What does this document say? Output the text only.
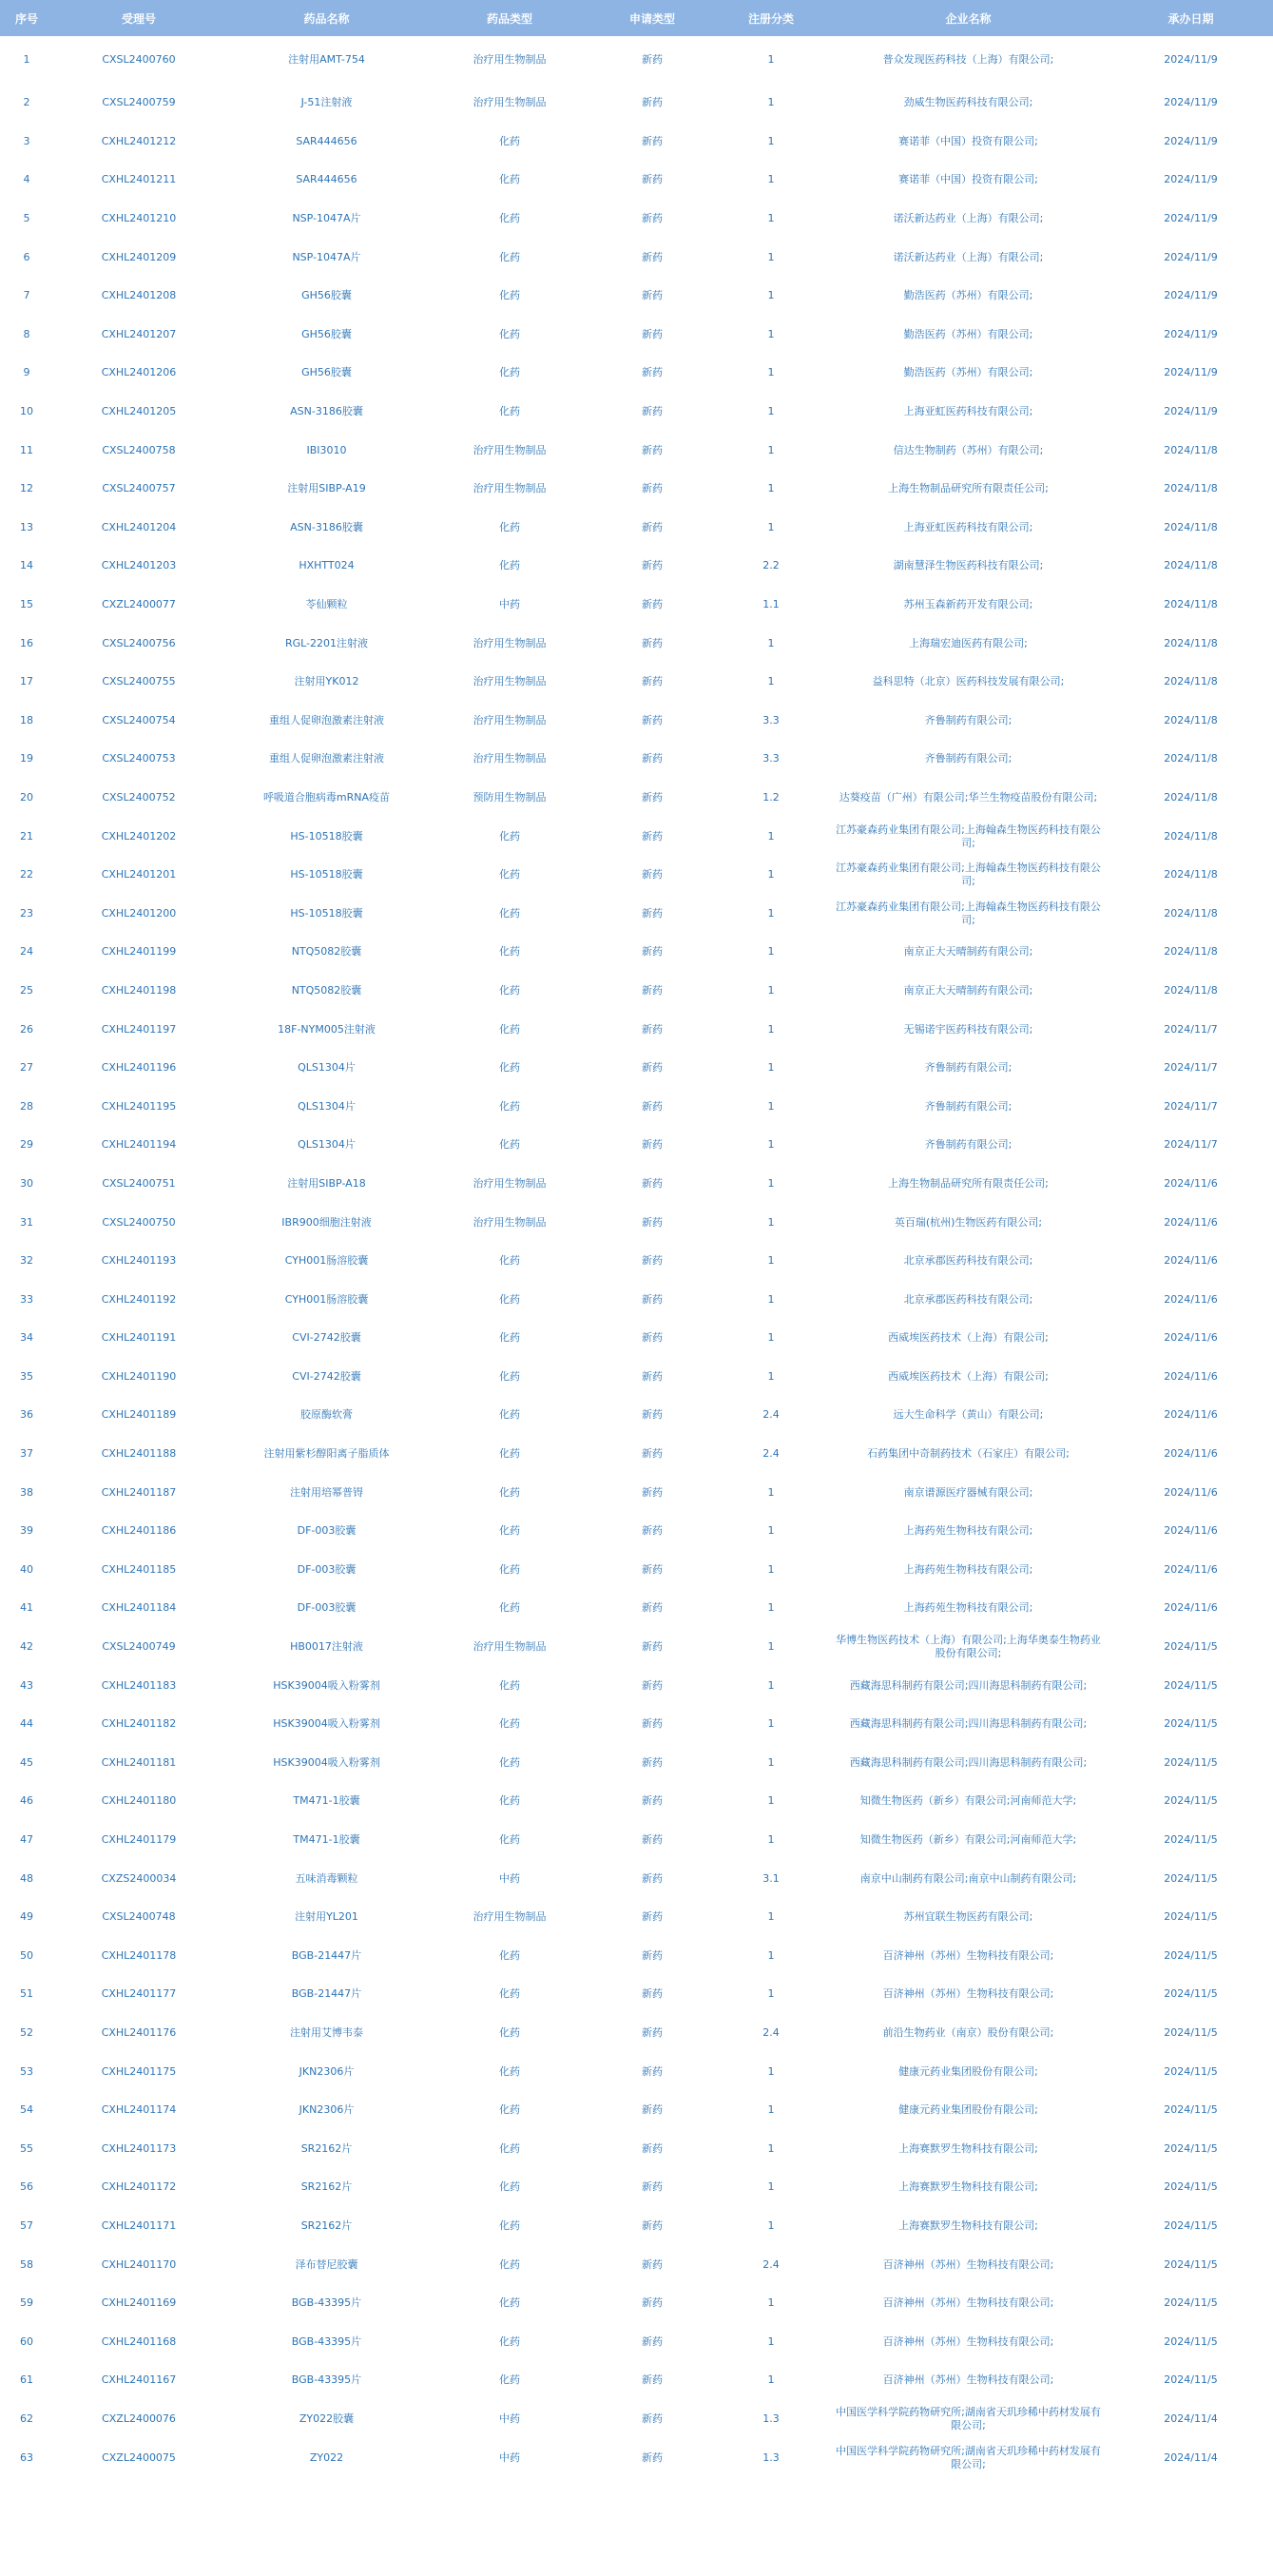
序号	受理号	药品名称	药品类型	申请类型	注册分类	企业名称	承办日期
1	CXSL2400760	注射用AMT-754	治疗用生物制品	新药	1	普众发现医药科技（上海）有限公司;	2024/11/9
2	CXSL2400759	J-51注射液	治疗用生物制品	新药	1	劲威生物医药科技有限公司;	2024/11/9
3	CXHL2401212	SAR444656	化药	新药	1	赛诺菲（中国）投资有限公司;	2024/11/9
4	CXHL2401211	SAR444656	化药	新药	1	赛诺菲（中国）投资有限公司;	2024/11/9
5	CXHL2401210	NSP-1047A片	化药	新药	1	诺沃新达药业（上海）有限公司;	2024/11/9
6	CXHL2401209	NSP-1047A片	化药	新药	1	诺沃新达药业（上海）有限公司;	2024/11/9
7	CXHL2401208	GH56胶囊	化药	新药	1	勤浩医药（苏州）有限公司;	2024/11/9
8	CXHL2401207	GH56胶囊	化药	新药	1	勤浩医药（苏州）有限公司;	2024/11/9
9	CXHL2401206	GH56胶囊	化药	新药	1	勤浩医药（苏州）有限公司;	2024/11/9
10	CXHL2401205	ASN-3186胶囊	化药	新药	1	上海亚虹医药科技有限公司;	2024/11/9
11	CXSL2400758	IBI3010	治疗用生物制品	新药	1	信达生物制药（苏州）有限公司;	2024/11/8
12	CXSL2400757	注射用SIBP-A19	治疗用生物制品	新药	1	上海生物制品研究所有限责任公司;	2024/11/8
13	CXHL2401204	ASN-3186胶囊	化药	新药	1	上海亚虹医药科技有限公司;	2024/11/8
14	CXHL2401203	HXHTT024	化药	新药	2.2	湖南慧泽生物医药科技有限公司;	2024/11/8
15	CXZL2400077	苓仙颗粒	中药	新药	1.1	苏州玉森新药开发有限公司;	2024/11/8
16	CXSL2400756	RGL-2201注射液	治疗用生物制品	新药	1	上海瑞宏迪医药有限公司;	2024/11/8
17	CXSL2400755	注射用YK012	治疗用生物制品	新药	1	益科思特（北京）医药科技发展有限公司;	2024/11/8
18	CXSL2400754	重组人促卵泡激素注射液	治疗用生物制品	新药	3.3	齐鲁制药有限公司;	2024/11/8
19	CXSL2400753	重组人促卵泡激素注射液	治疗用生物制品	新药	3.3	齐鲁制药有限公司;	2024/11/8
20	CXSL2400752	呼吸道合胞病毒mRNA疫苗	预防用生物制品	新药	1.2	达葵疫苗（广州）有限公司;华兰生物疫苗股份有限公司;	2024/11/8
21	CXHL2401202	HS-10518胶囊	化药	新药	1	江苏豪森药业集团有限公司;上海翰森生物医药科技有限公司;	2024/11/8
22	CXHL2401201	HS-10518胶囊	化药	新药	1	江苏豪森药业集团有限公司;上海翰森生物医药科技有限公司;	2024/11/8
23	CXHL2401200	HS-10518胶囊	化药	新药	1	江苏豪森药业集团有限公司;上海翰森生物医药科技有限公司;	2024/11/8
24	CXHL2401199	NTQ5082胶囊	化药	新药	1	南京正大天晴制药有限公司;	2024/11/8
25	CXHL2401198	NTQ5082胶囊	化药	新药	1	南京正大天晴制药有限公司;	2024/11/8
26	CXHL2401197	18F-NYM005注射液	化药	新药	1	无锡诺宇医药科技有限公司;	2024/11/7
27	CXHL2401196	QLS1304片	化药	新药	1	齐鲁制药有限公司;	2024/11/7
28	CXHL2401195	QLS1304片	化药	新药	1	齐鲁制药有限公司;	2024/11/7
29	CXHL2401194	QLS1304片	化药	新药	1	齐鲁制药有限公司;	2024/11/7
30	CXSL2400751	注射用SIBP-A18	治疗用生物制品	新药	1	上海生物制品研究所有限责任公司;	2024/11/6
31	CXSL2400750	IBR900细胞注射液	治疗用生物制品	新药	1	英百瑞(杭州)生物医药有限公司;	2024/11/6
32	CXHL2401193	CYH001肠溶胶囊	化药	新药	1	北京承郡医药科技有限公司;	2024/11/6
33	CXHL2401192	CYH001肠溶胶囊	化药	新药	1	北京承郡医药科技有限公司;	2024/11/6
34	CXHL2401191	CVI-2742胶囊	化药	新药	1	西威埃医药技术（上海）有限公司;	2024/11/6
35	CXHL2401190	CVI-2742胶囊	化药	新药	1	西威埃医药技术（上海）有限公司;	2024/11/6
36	CXHL2401189	胶原酶软膏	化药	新药	2.4	远大生命科学（黄山）有限公司;	2024/11/6
37	CXHL2401188	注射用紫杉醇阳离子脂质体	化药	新药	2.4	石药集团中奇制药技术（石家庄）有限公司;	2024/11/6
38	CXHL2401187	注射用培幂普锝	化药	新药	1	南京谱源医疗器械有限公司;	2024/11/6
39	CXHL2401186	DF-003胶囊	化药	新药	1	上海药苑生物科技有限公司;	2024/11/6
40	CXHL2401185	DF-003胶囊	化药	新药	1	上海药苑生物科技有限公司;	2024/11/6
41	CXHL2401184	DF-003胶囊	化药	新药	1	上海药苑生物科技有限公司;	2024/11/6
42	CXSL2400749	HB0017注射液	治疗用生物制品	新药	1	华博生物医药技术（上海）有限公司;上海华奥泰生物药业股份有限公司;	2024/11/5
43	CXHL2401183	HSK39004吸入粉雾剂	化药	新药	1	西藏海思科制药有限公司;四川海思科制药有限公司;	2024/11/5
44	CXHL2401182	HSK39004吸入粉雾剂	化药	新药	1	西藏海思科制药有限公司;四川海思科制药有限公司;	2024/11/5
45	CXHL2401181	HSK39004吸入粉雾剂	化药	新药	1	西藏海思科制药有限公司;四川海思科制药有限公司;	2024/11/5
46	CXHL2401180	TM471-1胶囊	化药	新药	1	知微生物医药（新乡）有限公司;河南师范大学;	2024/11/5
47	CXHL2401179	TM471-1胶囊	化药	新药	1	知微生物医药（新乡）有限公司;河南师范大学;	2024/11/5
48	CXZS2400034	五味消毒颗粒	中药	新药	3.1	南京中山制药有限公司;南京中山制药有限公司;	2024/11/5
49	CXSL2400748	注射用YL201	治疗用生物制品	新药	1	苏州宜联生物医药有限公司;	2024/11/5
50	CXHL2401178	BGB-21447片	化药	新药	1	百济神州（苏州）生物科技有限公司;	2024/11/5
51	CXHL2401177	BGB-21447片	化药	新药	1	百济神州（苏州）生物科技有限公司;	2024/11/5
52	CXHL2401176	注射用艾博韦泰	化药	新药	2.4	前沿生物药业（南京）股份有限公司;	2024/11/5
53	CXHL2401175	JKN2306片	化药	新药	1	健康元药业集团股份有限公司;	2024/11/5
54	CXHL2401174	JKN2306片	化药	新药	1	健康元药业集团股份有限公司;	2024/11/5
55	CXHL2401173	SR2162片	化药	新药	1	上海赛默罗生物科技有限公司;	2024/11/5
56	CXHL2401172	SR2162片	化药	新药	1	上海赛默罗生物科技有限公司;	2024/11/5
57	CXHL2401171	SR2162片	化药	新药	1	上海赛默罗生物科技有限公司;	2024/11/5
58	CXHL2401170	泽布替尼胶囊	化药	新药	2.4	百济神州（苏州）生物科技有限公司;	2024/11/5
59	CXHL2401169	BGB-43395片	化药	新药	1	百济神州（苏州）生物科技有限公司;	2024/11/5
60	CXHL2401168	BGB-43395片	化药	新药	1	百济神州（苏州）生物科技有限公司;	2024/11/5
61	CXHL2401167	BGB-43395片	化药	新药	1	百济神州（苏州）生物科技有限公司;	2024/11/5
62	CXZL2400076	ZY022胶囊	中药	新药	1.3	中国医学科学院药物研究所;湖南省天玑珍稀中药材发展有限公司;	2024/11/4
63	CXZL2400075	ZY022	中药	新药	1.3	中国医学科学院药物研究所;湖南省天玑珍稀中药材发展有限公司;	2024/11/4
